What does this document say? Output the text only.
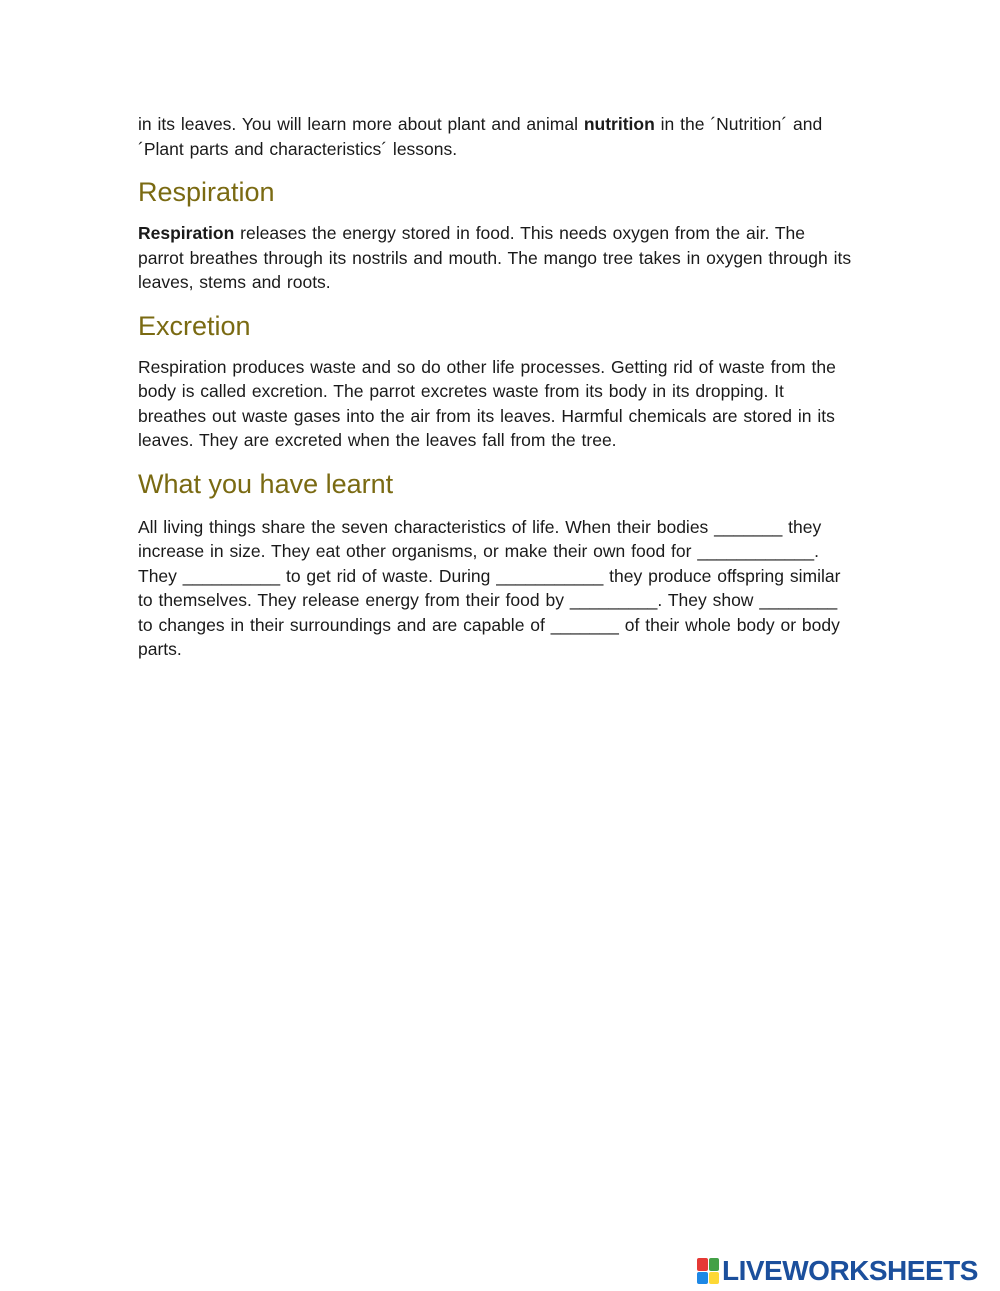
in its leaves. You will learn more about plant and animal nutrition in the ´Nutrition´ and ´Plant parts and characteristics´ lessons.

Respiration

Respiration releases the energy stored in food. This needs oxygen from the air. The parrot breathes through its nostrils and mouth. The mango tree takes in oxygen through its leaves, stems and roots.

Excretion

Respiration produces waste and so do other life processes. Getting rid of waste from the body is called excretion. The parrot excretes waste from its body in its dropping. It breathes out waste gases into the air from its leaves. Harmful chemicals are stored in its leaves. They are excreted when the leaves fall from the tree.

What you have learnt

All living things share the seven characteristics of life. When their bodies _______ they increase in size. They eat other organisms, or make their own food for ____________. They __________ to get rid of waste. During ___________ they produce offspring similar to themselves. They release energy from their food by _________. They show ________ to changes in their surroundings and are capable of _______ of their whole body or body parts.

LIVEWORKSHEETS
